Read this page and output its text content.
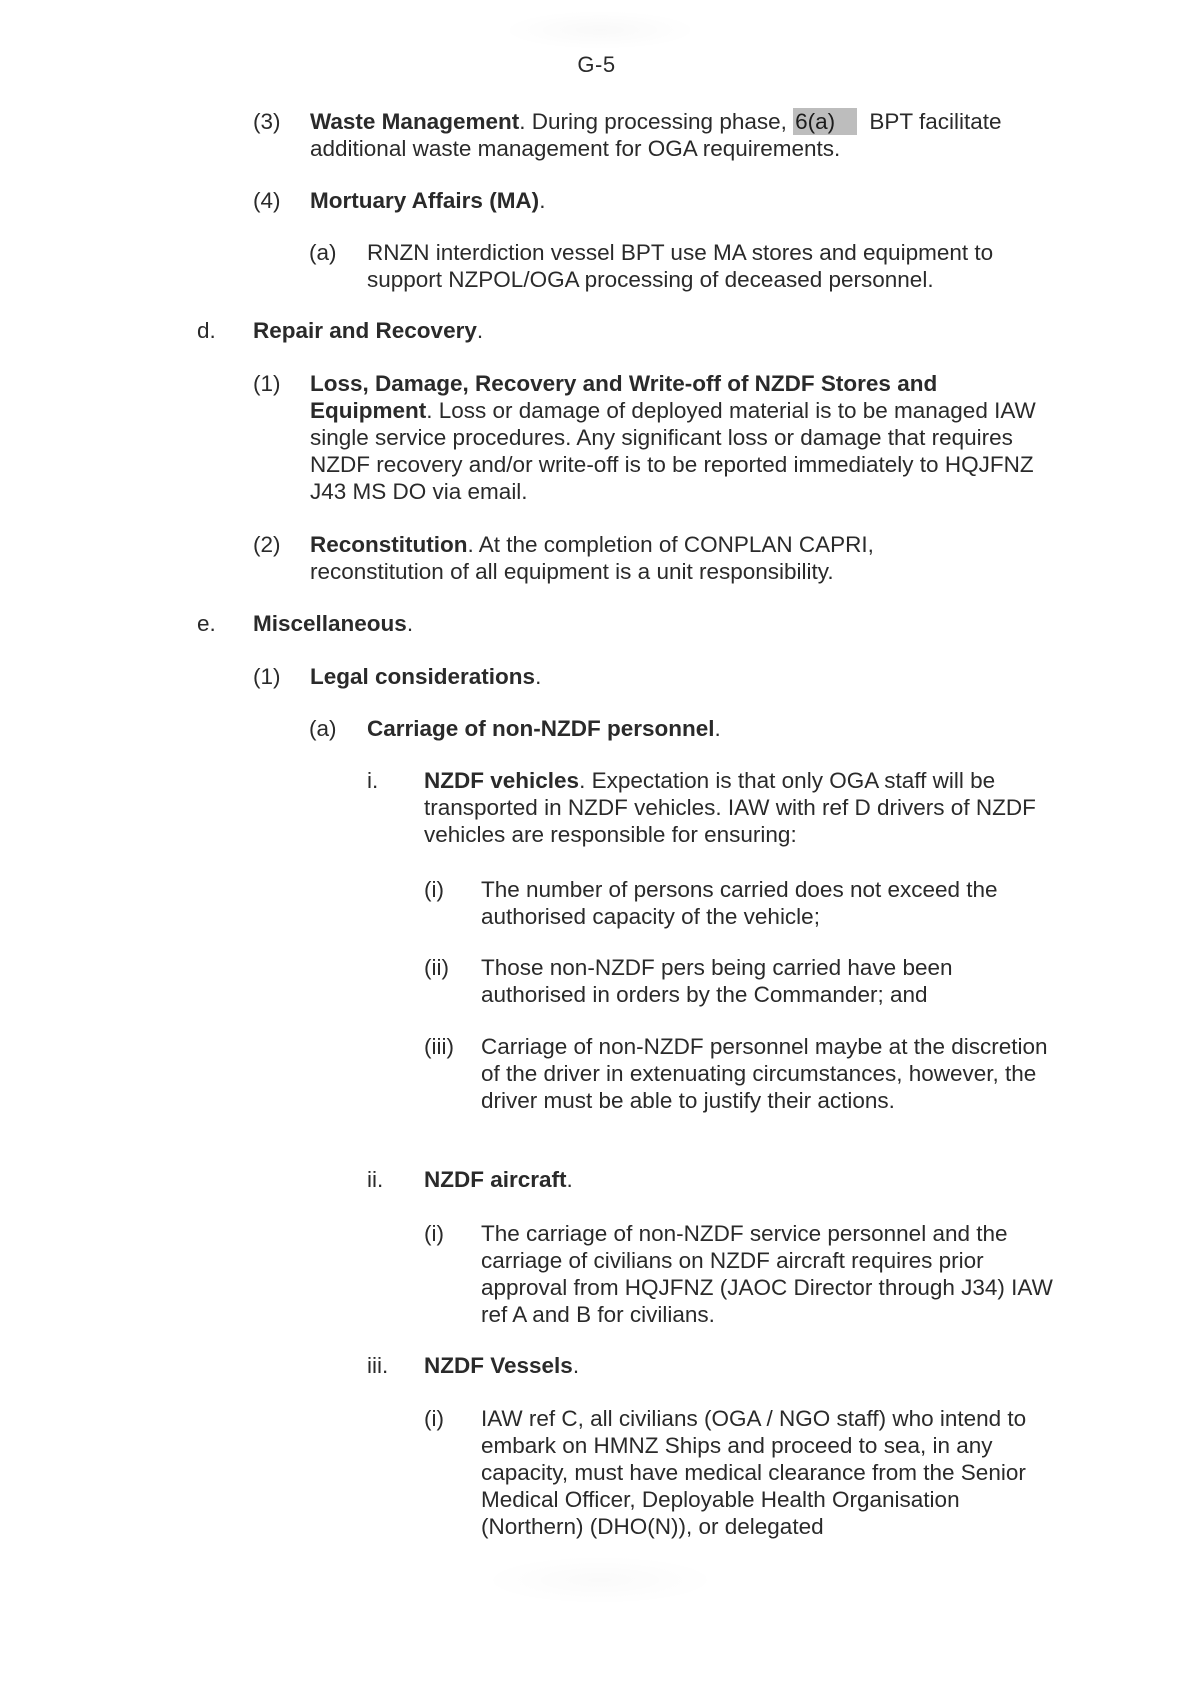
G-5
(3) Waste Management. During processing phase, 6(a) BPT facilitate additional waste management for OGA requirements.
(4) Mortuary Affairs (MA).
(a) RNZN interdiction vessel BPT use MA stores and equipment to support NZPOL/OGA processing of deceased personnel.
d. Repair and Recovery.
(1) Loss, Damage, Recovery and Write-off of NZDF Stores and Equipment. Loss or damage of deployed material is to be managed IAW single service procedures. Any significant loss or damage that requires NZDF recovery and/or write-off is to be reported immediately to HQJFNZ J43 MS DO via email.
(2) Reconstitution. At the completion of CONPLAN CAPRI, reconstitution of all equipment is a unit responsibility.
e. Miscellaneous.
(1) Legal considerations.
(a) Carriage of non-NZDF personnel.
i. NZDF vehicles. Expectation is that only OGA staff will be transported in NZDF vehicles. IAW with ref D drivers of NZDF vehicles are responsible for ensuring:
(i) The number of persons carried does not exceed the authorised capacity of the vehicle;
(ii) Those non-NZDF pers being carried have been authorised in orders by the Commander; and
(iii) Carriage of non-NZDF personnel maybe at the discretion of the driver in extenuating circumstances, however, the driver must be able to justify their actions.
ii. NZDF aircraft.
(i) The carriage of non-NZDF service personnel and the carriage of civilians on NZDF aircraft requires prior approval from HQJFNZ (JAOC Director through J34) IAW ref A and B for civilians.
iii. NZDF Vessels.
(i) IAW ref C, all civilians (OGA / NGO staff) who intend to embark on HMNZ Ships and proceed to sea, in any capacity, must have medical clearance from the Senior Medical Officer, Deployable Health Organisation (Northern) (DHO(N)), or delegated
